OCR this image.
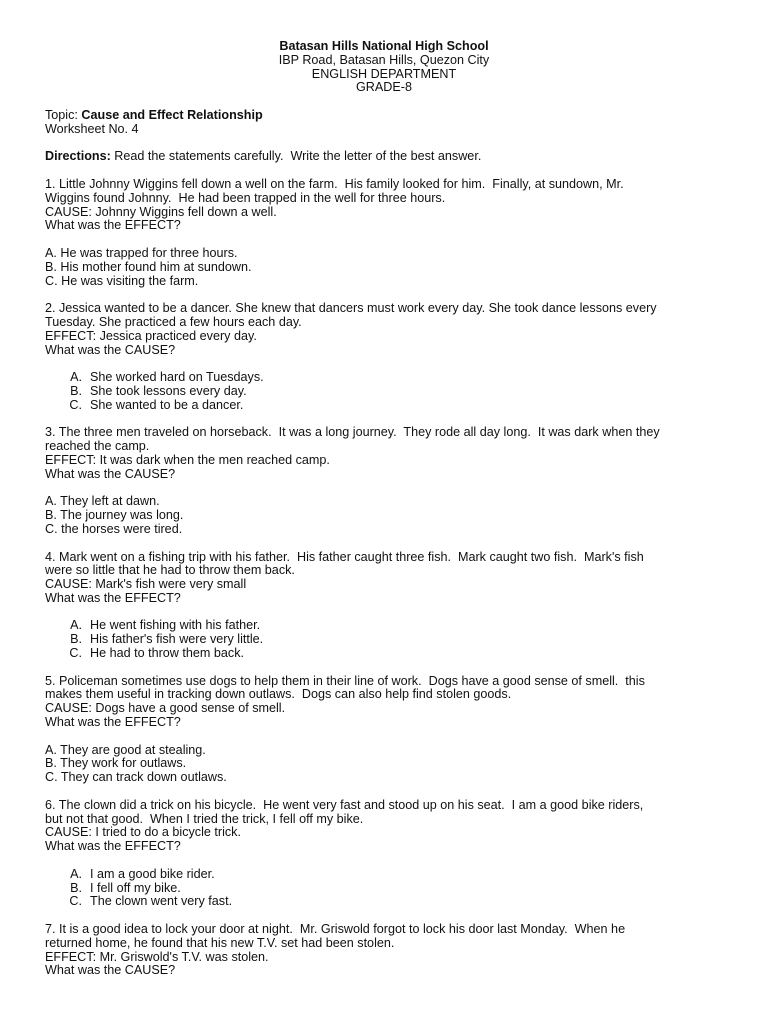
Batasan Hills National High School
IBP Road, Batasan Hills, Quezon City
ENGLISH DEPARTMENT
GRADE-8
Topic: Cause and Effect Relationship
Worksheet No. 4
Directions: Read the statements carefully.  Write the letter of the best answer.
1. Little Johnny Wiggins fell down a well on the farm.  His family looked for him.  Finally, at sundown, Mr.
Wiggins found Johnny.  He had been trapped in the well for three hours.
CAUSE: Johnny Wiggins fell down a well.
What was the EFFECT?
A. He was trapped for three hours.
B. His mother found him at sundown.
C. He was visiting the farm.
2. Jessica wanted to be a dancer. She knew that dancers must work every day. She took dance lessons every
Tuesday. She practiced a few hours each day.
EFFECT: Jessica practiced every day.
What was the CAUSE?
A. She worked hard on Tuesdays.
B. She took lessons every day.
C. She wanted to be a dancer.
3. The three men traveled on horseback.  It was a long journey.  They rode all day long.  It was dark when they
reached the camp.
EFFECT: It was dark when the men reached camp.
What was the CAUSE?
A. They left at dawn.
B. The journey was long.
C. the horses were tired.
4. Mark went on a fishing trip with his father.  His father caught three fish.  Mark caught two fish.  Mark's fish
were so little that he had to throw them back.
CAUSE: Mark's fish were very small
What was the EFFECT?
A. He went fishing with his father.
B. His father's fish were very little.
C. He had to throw them back.
5. Policeman sometimes use dogs to help them in their line of work.  Dogs have a good sense of smell.  this
makes them useful in tracking down outlaws.  Dogs can also help find stolen goods.
CAUSE: Dogs have a good sense of smell.
What was the EFFECT?
A. They are good at stealing.
B. They work for outlaws.
C. They can track down outlaws.
6. The clown did a trick on his bicycle.  He went very fast and stood up on his seat.  I am a good bike riders,
but not that good.  When I tried the trick, I fell off my bike.
CAUSE: I tried to do a bicycle trick.
What was the EFFECT?
A. I am a good bike rider.
B. I fell off my bike.
C. The clown went very fast.
7. It is a good idea to lock your door at night.  Mr. Griswold forgot to lock his door last Monday.  When he
returned home, he found that his new T.V. set had been stolen.
EFFECT: Mr. Griswold's T.V. was stolen.
What was the CAUSE?
